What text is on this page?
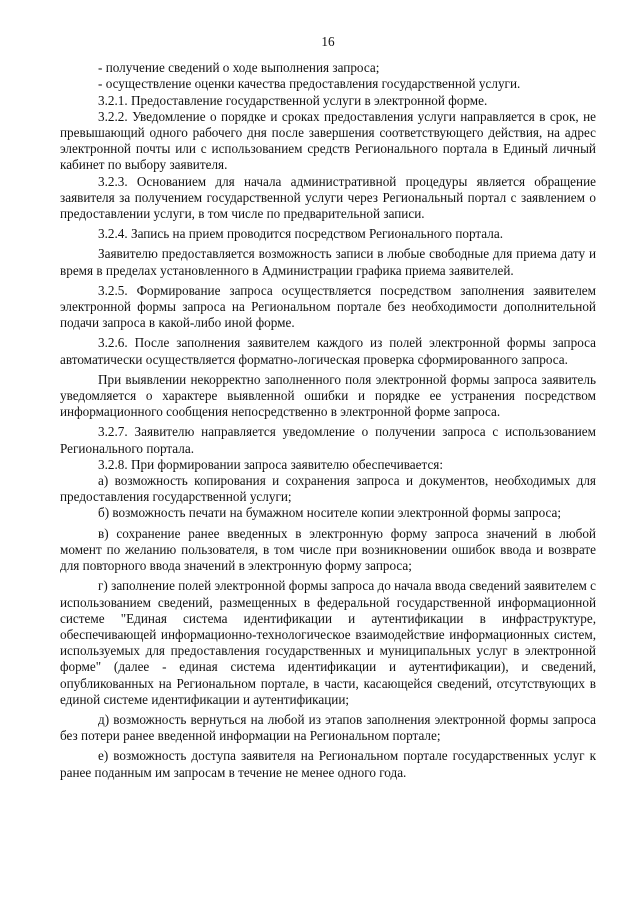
16

- получение сведений о ходе выполнения запроса;

- осуществление оценки качества предоставления государственной услуги.

3.2.1. Предоставление государственной услуги в электронной форме.

3.2.2. Уведомление о порядке и сроках предоставления услуги направляется в срок, не превышающий одного рабочего дня после завершения соответствующего действия, на адрес электронной почты или с использованием средств Регионального портала в Единый личный кабинет по выбору заявителя.

3.2.3. Основанием для начала административной процедуры является обращение заявителя за получением государственной услуги через Региональный портал с заявлением о предоставлении услуги, в том числе по предварительной записи.

3.2.4. Запись на прием проводится посредством Регионального портала.

Заявителю предоставляется возможность записи в любые свободные для приема дату и время в пределах установленного в Администрации графика приема заявителей.

3.2.5. Формирование запроса осуществляется посредством заполнения заявителем электронной формы запроса на Региональном портале без необходимости дополнительной подачи запроса в какой-либо иной форме.

3.2.6. После заполнения заявителем каждого из полей электронной формы запроса автоматически осуществляется форматно-логическая проверка сформированного запроса.

При выявлении некорректно заполненного поля электронной формы запроса заявитель уведомляется о характере выявленной ошибки и порядке ее устранения посредством информационного сообщения непосредственно в электронной форме запроса.

3.2.7. Заявителю направляется уведомление о получении запроса с использованием Регионального портала.

3.2.8. При формировании запроса заявителю обеспечивается:

а) возможность копирования и сохранения запроса и документов, необходимых для предоставления государственной услуги;

б) возможность печати на бумажном носителе копии электронной формы запроса;

в) сохранение ранее введенных в электронную форму запроса значений в любой момент по желанию пользователя, в том числе при возникновении ошибок ввода и возврате для повторного ввода значений в электронную форму запроса;

г) заполнение полей электронной формы запроса до начала ввода сведений заявителем с использованием сведений, размещенных в федеральной государственной информационной системе "Единая система идентификации и аутентификации в инфраструктуре, обеспечивающей информационно-технологическое взаимодействие информационных систем, используемых для предоставления государственных и муниципальных услуг в электронной форме" (далее - единая система идентификации и аутентификации), и сведений, опубликованных на Региональном портале, в части, касающейся сведений, отсутствующих в единой системе идентификации и аутентификации;

д) возможность вернуться на любой из этапов заполнения электронной формы запроса без потери ранее введенной информации на Региональном портале;

е) возможность доступа заявителя на Региональном портале государственных услуг к ранее поданным им запросам в течение не менее одного года.
